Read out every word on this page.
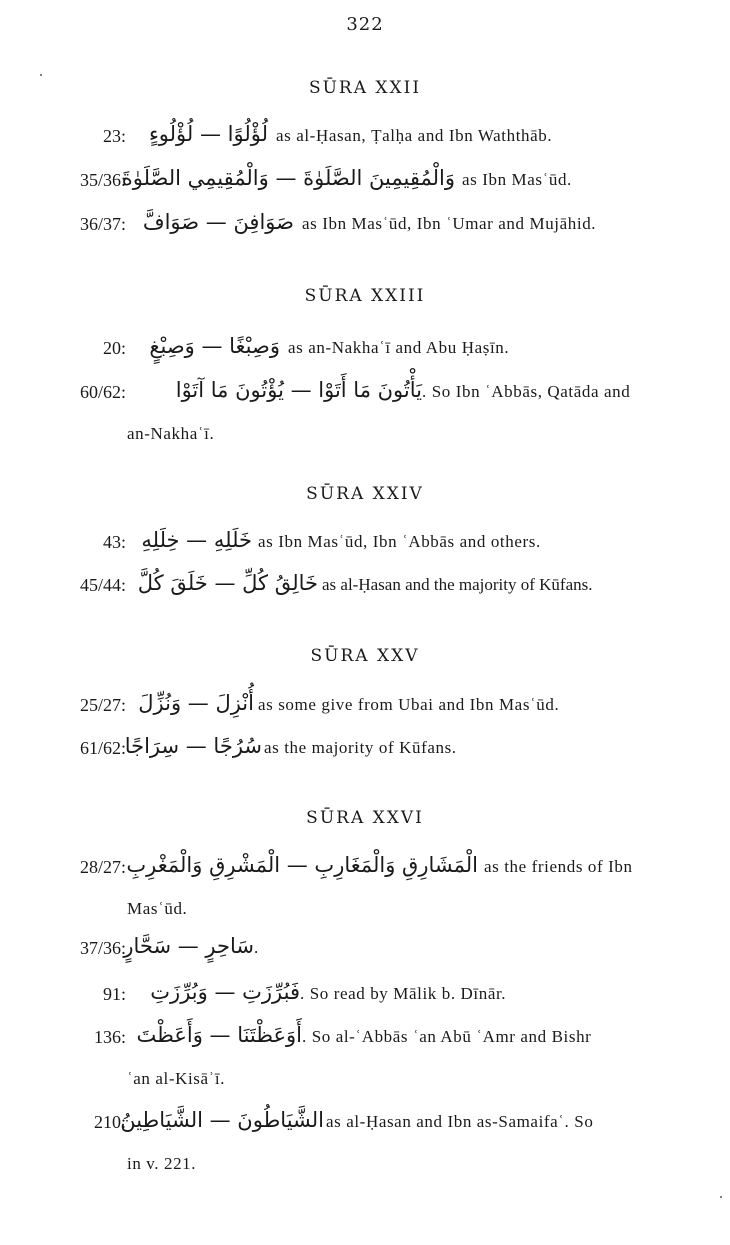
322
SŪRA XXII
23: لُؤْلُوًا — لُؤْلُوءٍ as al-Ḥasan, Ṭalḥa and Ibn Waththāb.
35/36:
وَالْمُقِيمِينَ الصَّلَوٰةَ — وَالْمُقِيمِي الصَّلَوٰةَ as Ibn Masʿūd.
36/37: صَوَافِنَ — صَوَافَّ as Ibn Masʿūd, Ibn ʿUmar and Mujāhid.
SŪRA XXIII
20: وَصِبْغًا — وَصِبْغٍ as an-Nakhaʿī and Abu Ḥaṣīn.
60/62: يَأْتُونَ مَا أَتَوْا — يُؤْتُونَ مَا آتَوْا . So Ibn ʿAbbās, Qatāda and
an-Nakhaʿī.
SŪRA XXIV
43: خَلَلِهِ — خِلَلِهِ as Ibn Masʿūd, Ibn ʿAbbās and others.
45/44: خَالِقُ كُلِّ — خَلَقَ كُلَّ as al-Ḥasan and the majority of Kūfans.
SŪRA XXV
25/27: أُنْزِلَ — وَنُزِّلَ as some give from Ubai and Ibn Masʿūd.
61/62:
سُرُجًا — سِرَاجًا as the majority of Kūfans.
SŪRA XXVI
28/27: الْمَشَارِقِ وَالْمَغَارِبِ — الْمَشْرِقِ وَالْمَغْرِبِ as the friends of Ibn
Masʿūd.
37/36:
سَاحِرٍ — سَحَّارٍ .
91: فَبُرِّزَتِ — وَبُرِّزَتِ . So read by Mālik b. Dīnār.
136: أَوَعَظْتَنَا — وَأَعَظْتَ . So al-ʿAbbās ʿan Abū ʿAmr and Bishr
ʿan al-Kisāʾī.
210:
الشَّيَاطُونَ — الشَّيَاطِينُ as al-Ḥasan and Ibn as-Samaifaʿ. So
in v. 221.
